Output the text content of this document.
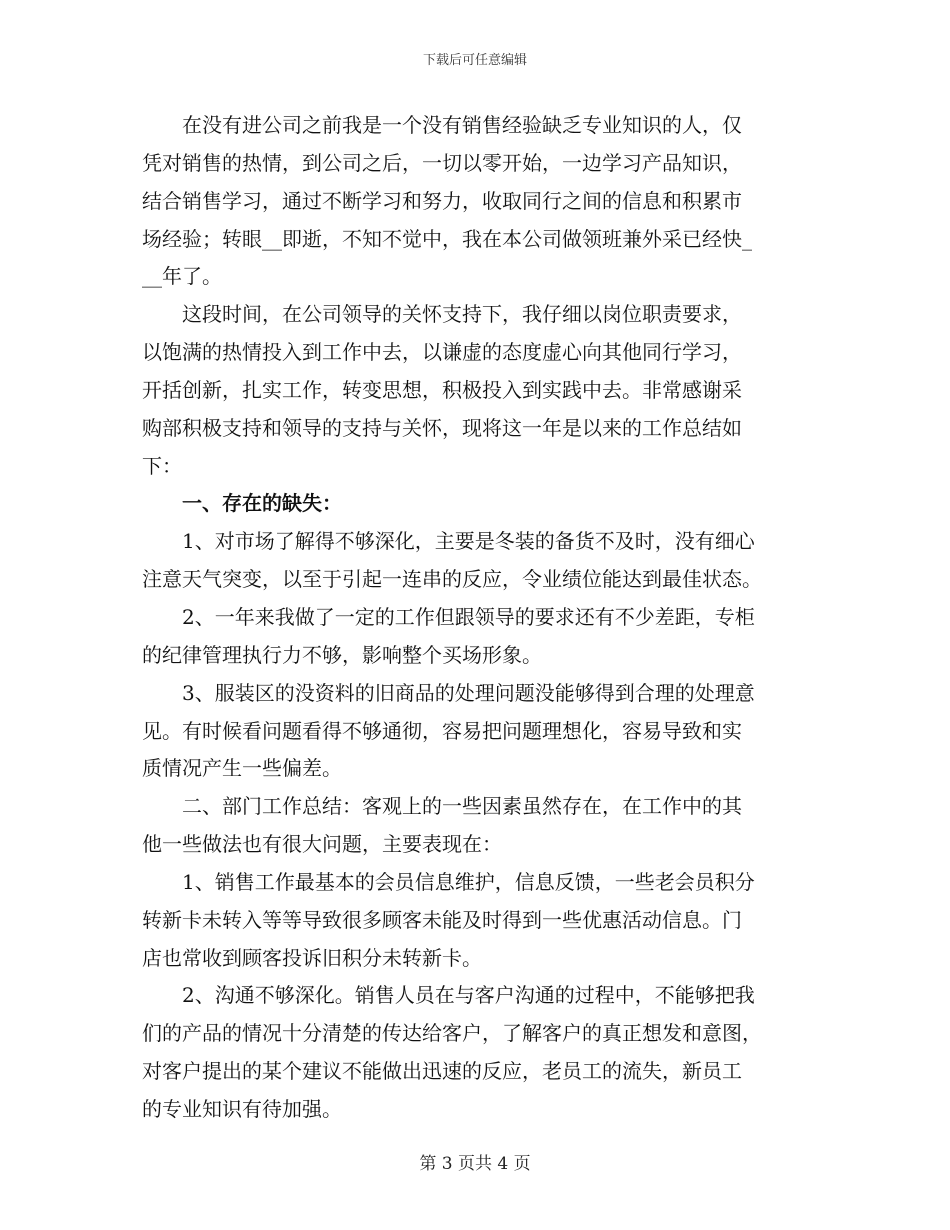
下载后可任意编辑
在没有进公司之前我是一个没有销售经验缺乏专业知识的人，仅
凭对销售的热情，到公司之后，一切以零开始，一边学习产品知识，
结合销售学习，通过不断学习和努力，收取同行之间的信息和积累市
场经验；转眼__即逝，不知不觉中，我在本公司做领班兼外采已经快_
__年了。
这段时间，在公司领导的关怀支持下，我仔细以岗位职责要求，
以饱满的热情投入到工作中去，以谦虚的态度虚心向其他同行学习，
开括创新，扎实工作，转变思想，积极投入到实践中去。非常感谢采
购部积极支持和领导的支持与关怀，现将这一年是以来的工作总结如
下：
一、存在的缺失：
1、对市场了解得不够深化，主要是冬装的备货不及时，没有细心
注意天气突变，以至于引起一连串的反应，令业绩位能达到最佳状态。
2、一年来我做了一定的工作但跟领导的要求还有不少差距，专柜
的纪律管理执行力不够，影响整个买场形象。
3、服装区的没资料的旧商品的处理问题没能够得到合理的处理意
见。有时候看问题看得不够通彻，容易把问题理想化，容易导致和实
质情况产生一些偏差。
二、部门工作总结：客观上的一些因素虽然存在，在工作中的其
他一些做法也有很大问题，主要表现在：
1、销售工作最基本的会员信息维护，信息反馈，一些老会员积分
转新卡未转入等等导致很多顾客未能及时得到一些优惠活动信息。门
店也常收到顾客投诉旧积分未转新卡。
2、沟通不够深化。销售人员在与客户沟通的过程中，不能够把我
们的产品的情况十分清楚的传达给客户，了解客户的真正想发和意图，
对客户提出的某个建议不能做出迅速的反应，老员工的流失，新员工
的专业知识有待加强。
第 3 页共 4 页
